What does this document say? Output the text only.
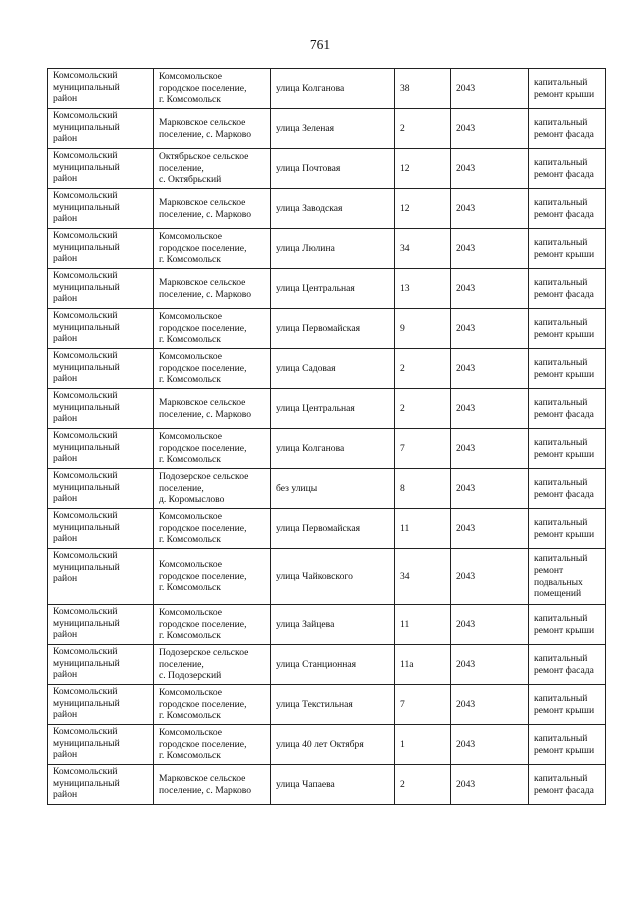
761
Комсомольский
муниципальный
район	Комсомольское
городское поселение,
г. Комсомольск	улица Колганова	38	2043	капитальный
ремонт крыши
Комсомольский
муниципальный
район	Марковское сельское
поселение, с. Марково	улица Зеленая	2	2043	капитальный
ремонт фасада
Комсомольский
муниципальный
район	Октябрьское сельское
поселение,
с. Октябрьский	улица Почтовая	12	2043	капитальный
ремонт фасада
Комсомольский
муниципальный
район	Марковское сельское
поселение, с. Марково	улица Заводская	12	2043	капитальный
ремонт фасада
Комсомольский
муниципальный
район	Комсомольское
городское поселение,
г. Комсомольск	улица Люлина	34	2043	капитальный
ремонт крыши
Комсомольский
муниципальный
район	Марковское сельское
поселение, с. Марково	улица Центральная	13	2043	капитальный
ремонт фасада
Комсомольский
муниципальный
район	Комсомольское
городское поселение,
г. Комсомольск	улица Первомайская	9	2043	капитальный
ремонт крыши
Комсомольский
муниципальный
район	Комсомольское
городское поселение,
г. Комсомольск	улица Садовая	2	2043	капитальный
ремонт крыши
Комсомольский
муниципальный
район	Марковское сельское
поселение, с. Марково	улица Центральная	2	2043	капитальный
ремонт фасада
Комсомольский
муниципальный
район	Комсомольское
городское поселение,
г. Комсомольск	улица Колганова	7	2043	капитальный
ремонт крыши
Комсомольский
муниципальный
район	Подозерское сельское
поселение,
д. Коромыслово	без улицы	8	2043	капитальный
ремонт фасада
Комсомольский
муниципальный
район	Комсомольское
городское поселение,
г. Комсомольск	улица Первомайская	11	2043	капитальный
ремонт крыши
Комсомольский
муниципальный
район	Комсомольское
городское поселение,
г. Комсомольск	улица Чайковского	34	2043	капитальный
ремонт
подвальных
помещений
Комсомольский
муниципальный
район	Комсомольское
городское поселение,
г. Комсомольск	улица Зайцева	11	2043	капитальный
ремонт крыши
Комсомольский
муниципальный
район	Подозерское сельское
поселение,
с. Подозерский	улица Станционная	11а	2043	капитальный
ремонт фасада
Комсомольский
муниципальный
район	Комсомольское
городское поселение,
г. Комсомольск	улица Текстильная	7	2043	капитальный
ремонт крыши
Комсомольский
муниципальный
район	Комсомольское
городское поселение,
г. Комсомольск	улица 40 лет Октября	1	2043	капитальный
ремонт крыши
Комсомольский
муниципальный
район	Марковское сельское
поселение, с. Марково	улица Чапаева	2	2043	капитальный
ремонт фасада
